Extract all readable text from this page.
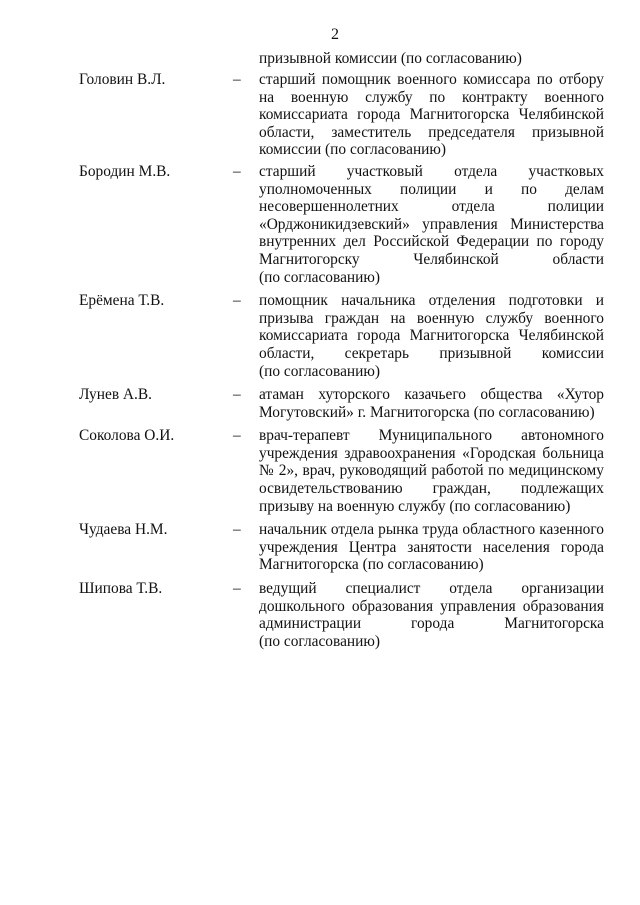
2
призывной комиссии (по согласованию)
Головин В.Л.	– старший помощник военного комиссара по отбору
на военную службу по контракту военного
комиссариата города Магнитогорска Челябинской
области, заместитель председателя призывной
комиссии (по согласованию)
Бородин М.В.	– старший участковый отдела участковых
уполномоченных полиции и по делам
несовершеннолетних отдела полиции
«Орджоникидзевский» управления Министерства
внутренних дел Российской Федерации по городу
Магнитогорску Челябинской области
(по согласованию)
Ерёмена Т.В.	– помощник начальника отделения подготовки и
призыва граждан на военную службу военного
комиссариата города Магнитогорска Челябинской
области, секретарь призывной комиссии
(по согласованию)
Лунев А.В.	– атаман хуторского казачьего общества «Хутор
Могутовский» г. Магнитогорска (по согласованию)
Соколова О.И.	– врач-терапевт Муниципального автономного
учреждения здравоохранения «Городская больница
№ 2», врач, руководящий работой по медицинскому
освидетельствованию граждан, подлежащих
призыву на военную службу (по согласованию)
Чудаева Н.М.	– начальник отдела рынка труда областного казенного
учреждения Центра занятости населения города
Магнитогорска (по согласованию)
Шипова Т.В.	– ведущий специалист отдела организации
дошкольного образования управления образования
администрации города Магнитогорска
(по согласованию)
